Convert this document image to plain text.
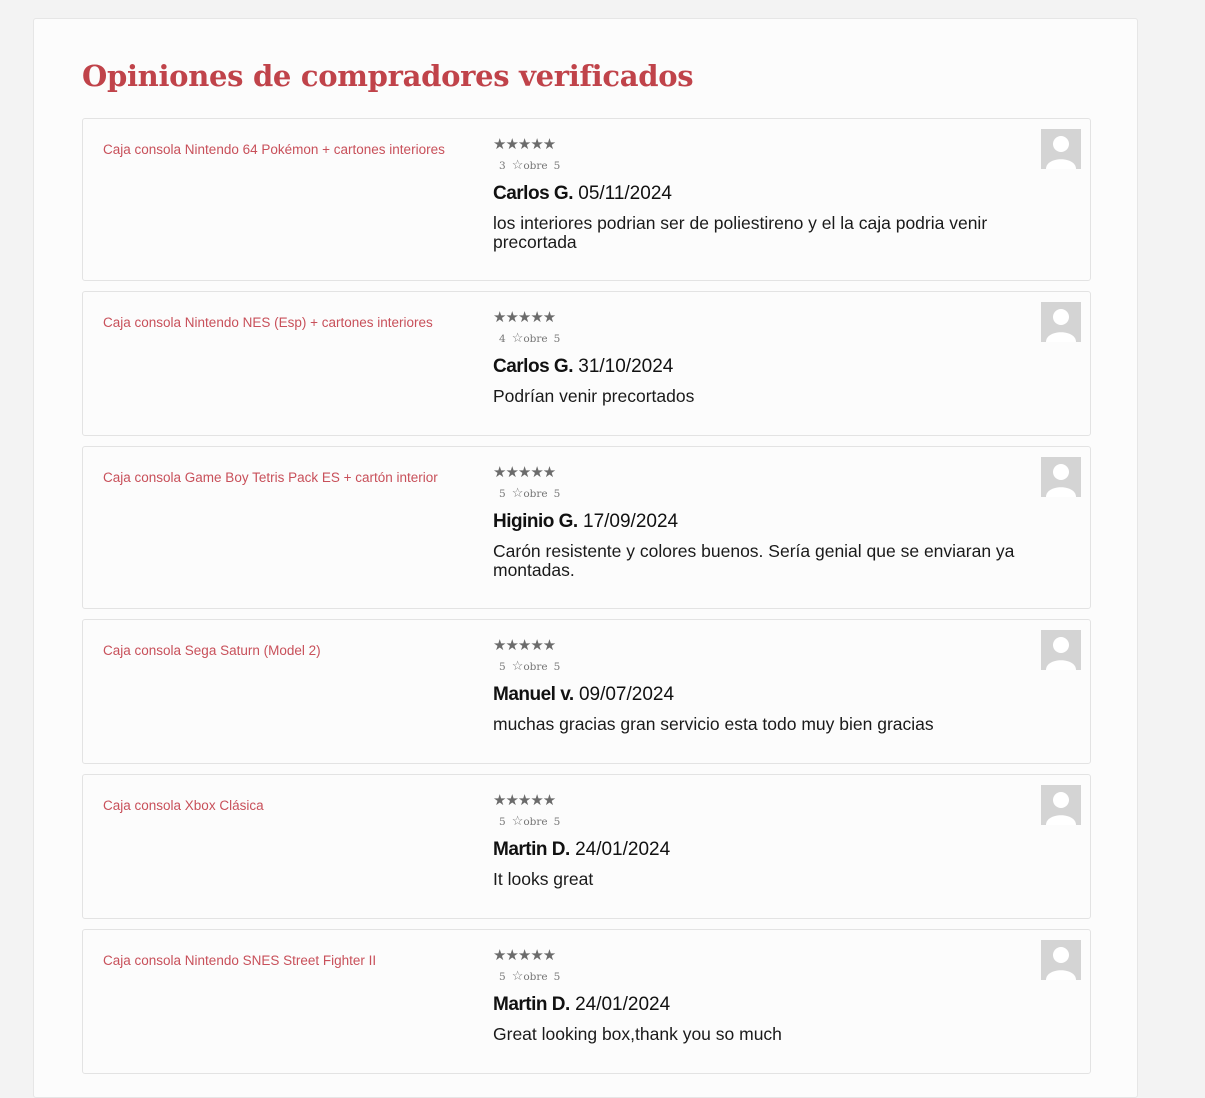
Opiniones de compradores verificados
Caja consola Nintendo 64 Pokémon + cartones interiores	★★★★★
3 ☆obre 5
Carlos G. 05/11/2024
los interiores podrian ser de poliestireno y el la caja podria venir precortada
Caja consola Nintendo NES (Esp) + cartones interiores	★★★★★
4 ☆obre 5
Carlos G. 31/10/2024
Podrían venir precortados
Caja consola Game Boy Tetris Pack ES + cartón interior	★★★★★
5 ☆obre 5
Higinio G. 17/09/2024
Carón resistente y colores buenos. Sería genial que se enviaran ya montadas.
Caja consola Sega Saturn (Model 2)	★★★★★
5 ☆obre 5
Manuel v. 09/07/2024
muchas gracias gran servicio esta todo muy bien gracias
Caja consola Xbox Clásica	★★★★★
5 ☆obre 5
Martin D. 24/01/2024
It looks great
Caja consola Nintendo SNES Street Fighter II	★★★★★
5 ☆obre 5
Martin D. 24/01/2024
Great looking box,thank you so much
